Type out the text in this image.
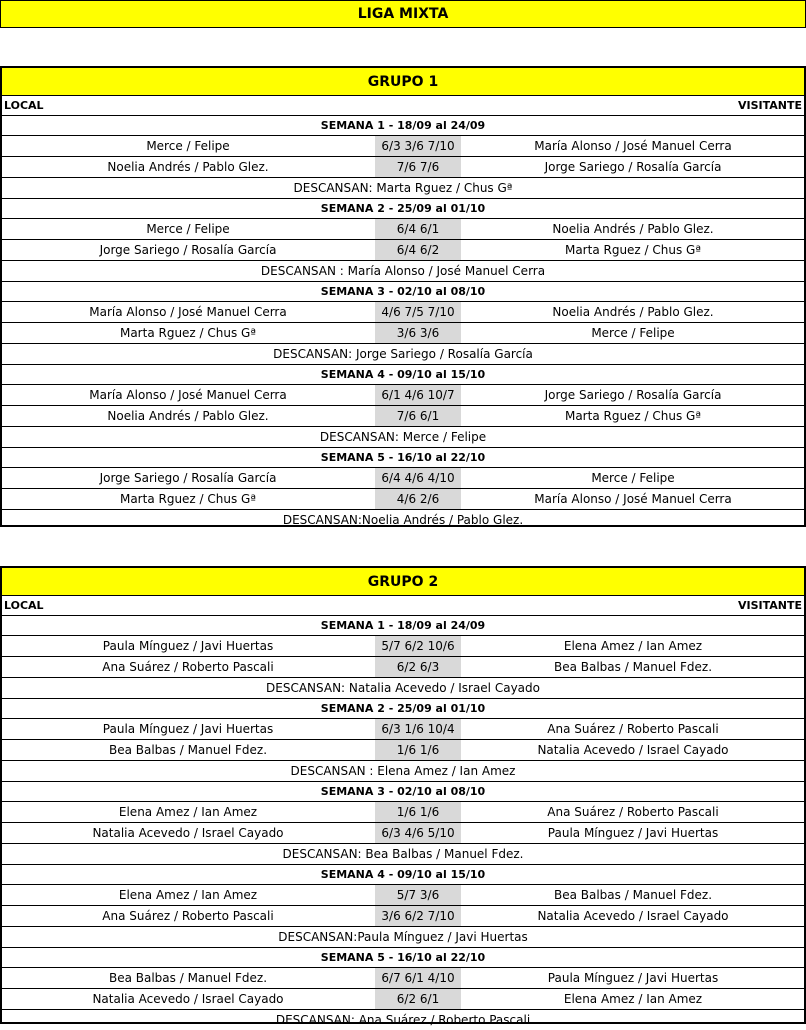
LIGA MIXTA
GRUPO 1
LOCAL	VISITANTE
SEMANA 1 - 18/09 al 24/09
Merce / Felipe	6/3 3/6 7/10	María Alonso / José Manuel Cerra
Noelia Andrés / Pablo Glez.	7/6 7/6	Jorge Sariego / Rosalía García
DESCANSAN: Marta Rguez / Chus Gª
SEMANA 2 - 25/09 al 01/10
Merce / Felipe	6/4 6/1	Noelia Andrés / Pablo Glez.
Jorge Sariego / Rosalía García	6/4 6/2	Marta Rguez / Chus Gª
DESCANSAN : María Alonso / José Manuel Cerra
SEMANA 3 - 02/10 al 08/10
María Alonso / José Manuel Cerra	4/6 7/5 7/10	Noelia Andrés / Pablo Glez.
Marta Rguez / Chus Gª	3/6 3/6	Merce / Felipe
DESCANSAN: Jorge Sariego / Rosalía García
SEMANA 4 - 09/10 al 15/10
María Alonso / José Manuel Cerra	6/1 4/6 10/7	Jorge Sariego / Rosalía García
Noelia Andrés / Pablo Glez.	7/6 6/1	Marta Rguez / Chus Gª
DESCANSAN: Merce / Felipe
SEMANA 5 - 16/10 al 22/10
Jorge Sariego / Rosalía García	6/4 4/6 4/10	Merce / Felipe
Marta Rguez / Chus Gª	4/6 2/6	María Alonso / José Manuel Cerra
DESCANSAN:Noelia Andrés / Pablo Glez.
GRUPO 2
LOCAL	VISITANTE
SEMANA 1 - 18/09 al 24/09
Paula Mínguez / Javi Huertas	5/7 6/2 10/6	Elena Amez / Ian Amez
Ana Suárez / Roberto Pascali	6/2 6/3	Bea Balbas / Manuel Fdez.
DESCANSAN: Natalia Acevedo / Israel Cayado
SEMANA 2 - 25/09 al 01/10
Paula Mínguez / Javi Huertas	6/3 1/6 10/4	Ana Suárez / Roberto Pascali
Bea Balbas / Manuel Fdez.	1/6 1/6	Natalia Acevedo / Israel Cayado
DESCANSAN : Elena Amez / Ian Amez
SEMANA 3 - 02/10 al 08/10
Elena Amez / Ian Amez	1/6 1/6	Ana Suárez / Roberto Pascali
Natalia Acevedo / Israel Cayado	6/3 4/6 5/10	Paula Mínguez / Javi Huertas
DESCANSAN: Bea Balbas / Manuel Fdez.
SEMANA 4 - 09/10 al 15/10
Elena Amez / Ian Amez	5/7 3/6	Bea Balbas / Manuel Fdez.
Ana Suárez / Roberto Pascali	3/6 6/2 7/10	Natalia Acevedo / Israel Cayado
DESCANSAN:Paula Mínguez / Javi Huertas
SEMANA 5 - 16/10 al 22/10
Bea Balbas / Manuel Fdez.	6/7 6/1 4/10	Paula Mínguez / Javi Huertas
Natalia Acevedo / Israel Cayado	6/2 6/1	Elena Amez / Ian Amez
DESCANSAN: Ana Suárez / Roberto Pascali
